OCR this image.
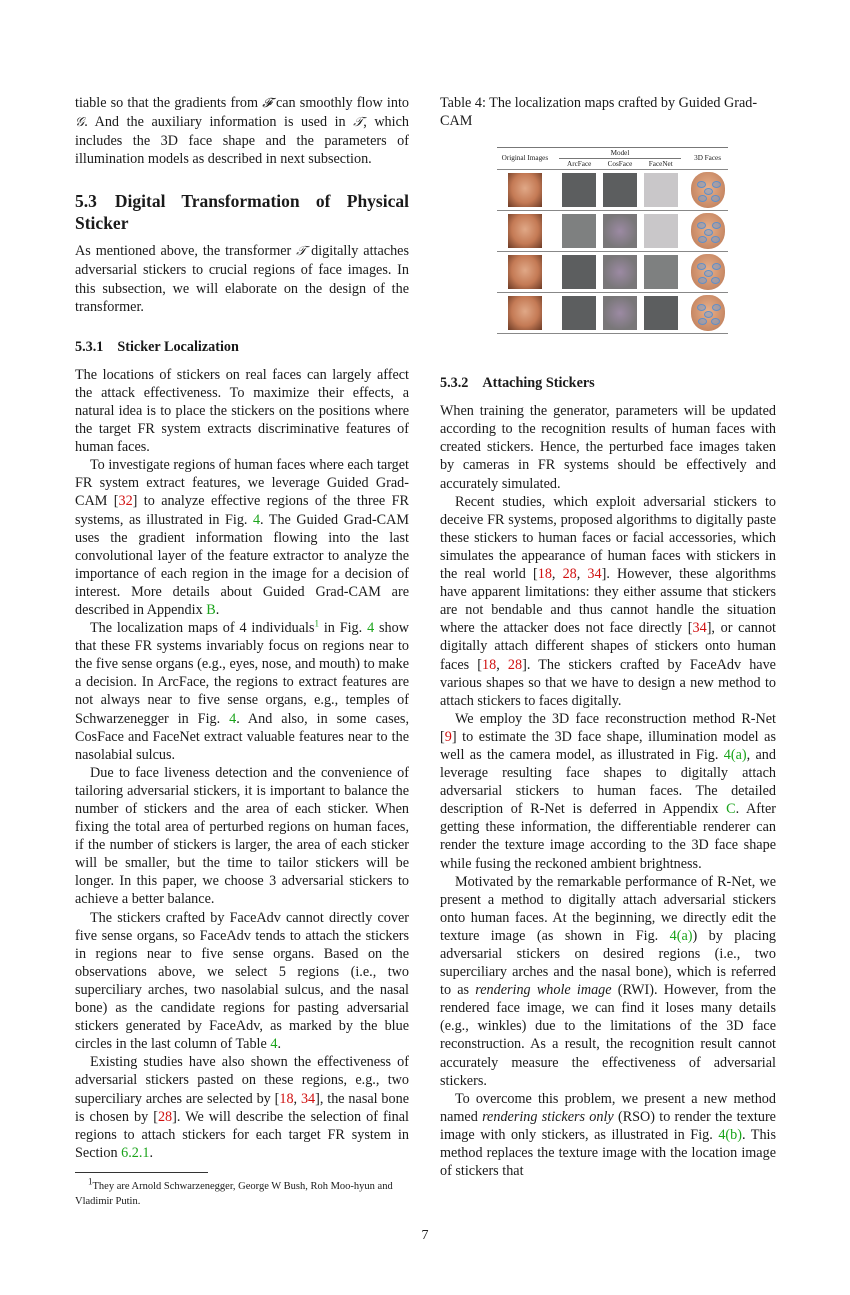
tiable so that the gradients from 𝓕 can smoothly flow into 𝒢. And the auxiliary information is used in 𝒯, which includes the 3D face shape and the parameters of illumination models as described in next subsection.

5.3 Digital Transformation of Physical Sticker

As mentioned above, the transformer 𝒯 digitally attaches adversarial stickers to crucial regions of face images. In this subsection, we will elaborate on the design of the transformer.

5.3.1 Sticker Localization

The locations of stickers on real faces can largely affect the attack effectiveness. To maximize their effects, a natural idea is to place the stickers on the positions where the target FR system extracts discriminative features of human faces.

To investigate regions of human faces where each target FR system extract features, we leverage Guided Grad-CAM [32] to analyze effective regions of the three FR systems, as illustrated in Fig. 4. The Guided Grad-CAM uses the gradient information flowing into the last convolutional layer of the feature extractor to analyze the importance of each region in the image for a decision of interest. More details about Guided Grad-CAM are described in Appendix B.

The localization maps of 4 individuals$^1$ in Fig. 4 show that these FR systems invariably focus on regions near to the five sense organs (e.g., eyes, nose, and mouth) to make a decision. In ArcFace, the regions to extract features are not always near to five sense organs, e.g., temples of Schwarzenegger in Fig. 4. And also, in some cases, CosFace and FaceNet extract valuable features near to the nasolabial sulcus.

Due to face liveness detection and the convenience of tailoring adversarial stickers, it is important to balance the number of stickers and the area of each sticker. When fixing the total area of perturbed regions on human faces, if the number of stickers is larger, the area of each sticker will be smaller, but the time to tailor stickers will be longer. In this paper, we choose 3 adversarial stickers to achieve a better balance.

The stickers crafted by FaceAdv cannot directly cover five sense organs, so FaceAdv tends to attach the stickers in regions near to five sense organs. Based on the observations above, we select 5 regions (i.e., two superciliary arches, two nasolabial sulcus, and the nasal bone) as the candidate regions for pasting adversarial stickers generated by FaceAdv, as marked by the blue circles in the last column of Table 4.

Existing studies have also shown the effectiveness of adversarial stickers pasted on these regions, e.g., two superciliary arches are selected by [18, 34], the nasal bone is chosen by [28]. We will describe the selection of final regions to attach stickers for each target FR system in Section 6.2.1.

$^1$They are Arnold Schwarzenegger, George W Bush, Roh Moo-hyun and Vladimir Putin.

Table 4: The localization maps crafted by Guided Grad-CAM

Original Images		Model				3D Faces
		ArcFace	CosFace	FaceNet		

5.3.2 Attaching Stickers

When training the generator, parameters will be updated according to the recognition results of human faces with created stickers. Hence, the perturbed face images taken by cameras in FR systems should be effectively and accurately simulated.

Recent studies, which exploit adversarial stickers to deceive FR systems, proposed algorithms to digitally paste these stickers to human faces or facial accessories, which simulates the appearance of human faces with stickers in the real world [18, 28, 34]. However, these algorithms have apparent limitations: they either assume that stickers are not bendable and thus cannot handle the situation where the attacker does not face directly [34], or cannot digitally attach different shapes of stickers onto human faces [18, 28]. The stickers crafted by FaceAdv have various shapes so that we have to design a new method to attach stickers to faces digitally.

We employ the 3D face reconstruction method R-Net [9] to estimate the 3D face shape, illumination model as well as the camera model, as illustrated in Fig. 4(a), and leverage resulting face shapes to digitally attach adversarial stickers to human faces. The detailed description of R-Net is deferred in Appendix C. After getting these information, the differentiable renderer can render the texture image according to the 3D face shape while fusing the reckoned ambient brightness.

Motivated by the remarkable performance of R-Net, we present a method to digitally attach adversarial stickers onto human faces. At the beginning, we directly edit the texture image (as shown in Fig. 4(a)) by placing adversarial stickers on desired regions (i.e., two superciliary arches and the nasal bone), which is referred to as rendering whole image (RWI). However, from the rendered face image, we can find it loses many details (e.g., winkles) due to the limitations of the 3D face reconstruction. As a result, the recognition result cannot accurately measure the effectiveness of adversarial stickers.

To overcome this problem, we present a new method named rendering stickers only (RSO) to render the texture image with only stickers, as illustrated in Fig. 4(b). This method replaces the texture image with the location image of stickers that

7
